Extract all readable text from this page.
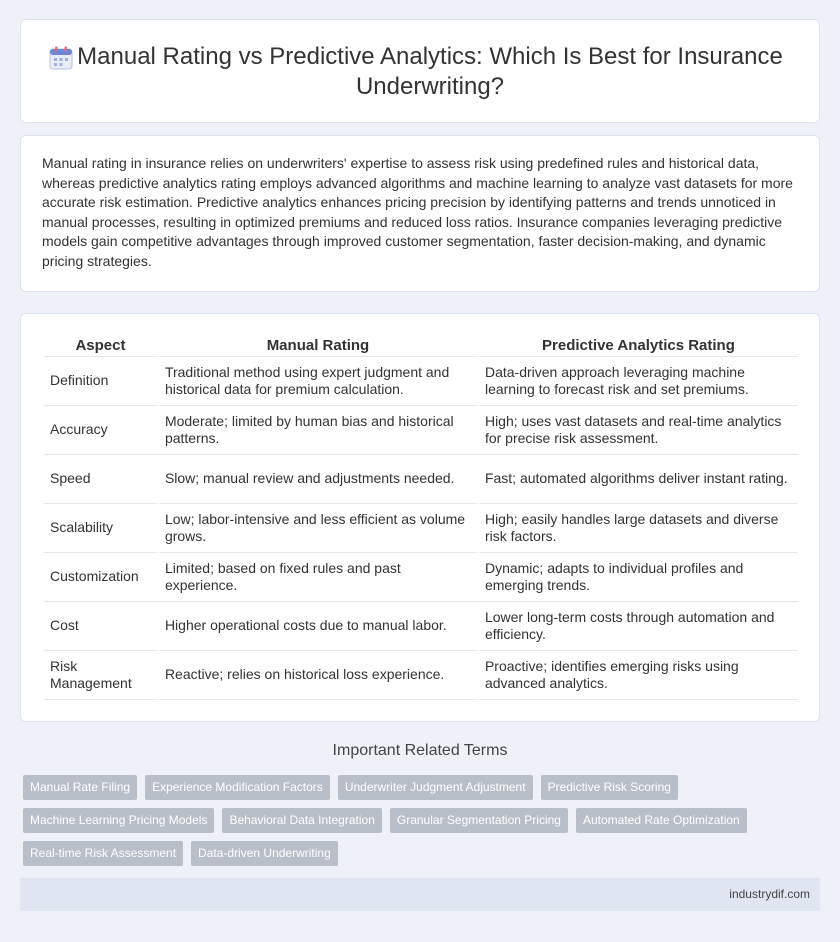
Manual Rating vs Predictive Analytics: Which Is Best for Insurance Underwriting?

Manual rating in insurance relies on underwriters' expertise to assess risk using predefined rules and historical data, whereas predictive analytics rating employs advanced algorithms and machine learning to analyze vast datasets for more accurate risk estimation. Predictive analytics enhances pricing precision by identifying patterns and trends unnoticed in manual processes, resulting in optimized premiums and reduced loss ratios. Insurance companies leveraging predictive models gain competitive advantages through improved customer segmentation, faster decision-making, and dynamic pricing strategies.

Aspect	Manual Rating	Predictive Analytics Rating
Definition	Traditional method using expert judgment and historical data for premium calculation.	Data-driven approach leveraging machine learning to forecast risk and set premiums.
Accuracy	Moderate; limited by human bias and historical patterns.	High; uses vast datasets and real-time analytics for precise risk assessment.
Speed	Slow; manual review and adjustments needed.	Fast; automated algorithms deliver instant rating.
Scalability	Low; labor-intensive and less efficient as volume grows.	High; easily handles large datasets and diverse risk factors.
Customization	Limited; based on fixed rules and past experience.	Dynamic; adapts to individual profiles and emerging trends.
Cost	Higher operational costs due to manual labor.	Lower long-term costs through automation and efficiency.
Risk Management	Reactive; relies on historical loss experience.	Proactive; identifies emerging risks using advanced analytics.
Important Related Terms
Manual Rate Filing	Experience Modification Factors	Underwriter Judgment Adjustment	Predictive Risk Scoring
Machine Learning Pricing Models	Behavioral Data Integration	Granular Segmentation Pricing	Automated Rate Optimization
Real-time Risk Assessment	Data-driven Underwriting
industrydif.com
